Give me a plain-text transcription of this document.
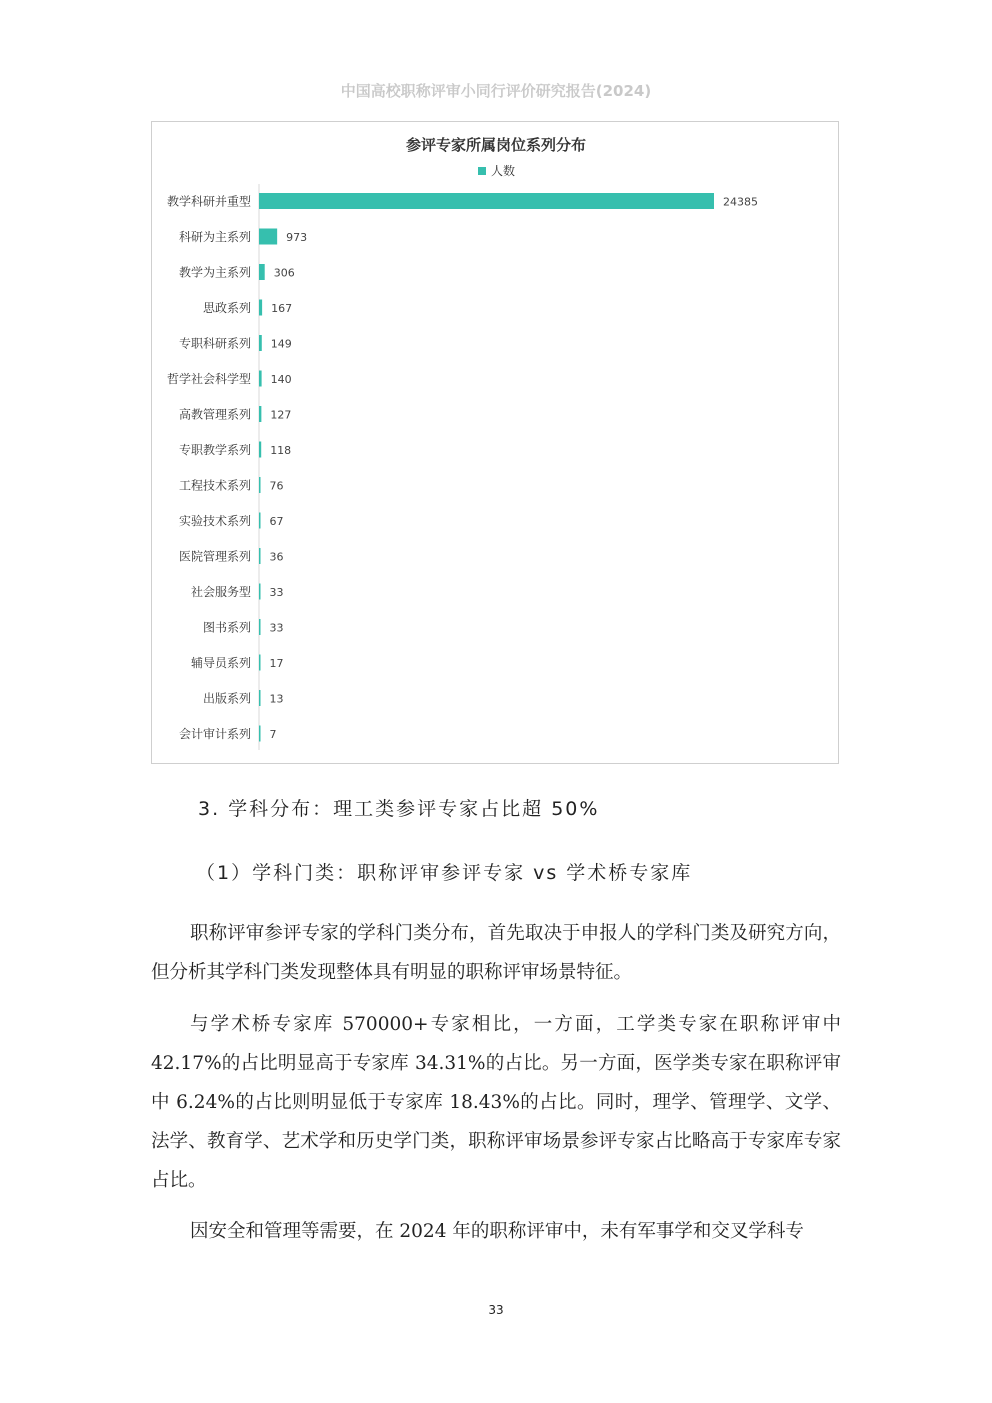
中国高校职称评审小同行评价研究报告(2024)
参评专家所属岗位系列分布
人数
教学科研并重型	24385
科研为主系列	973
教学为主系列 306
思政系列 167
专职科研系列 149
哲学社会科学型 140
高教管理系列 127
专职教学系列 118
工程技术系列 76
实验技术系列 67
医院管理系列 36
社会服务型 33
图书系列 33
辅导员系列 17
出版系列 13
会计审计系列 7
3. 学科分布：理工类参评专家占比超 50%
（1）学科门类：职称评审参评专家 vs 学术桥专家库

职称评审参评专家的学科门类分布，首先取决于申报人的学科门类及研究方向，但分析其学科门类发现整体具有明显的职称评审场景特征。

与学术桥专家库 570000+专家相比，一方面，工学类专家在职称评审中 42.17%的占比明显高于专家库 34.31%的占比。另一方面，医学类专家在职称评审中 6.24%的占比则明显低于专家库 18.43%的占比。同时，理学、管理学、文学、法学、教育学、艺术学和历史学门类，职称评审场景参评专家占比略高于专家库专家占比。

因安全和管理等需要，在 2024 年的职称评审中，未有军事学和交叉学科专

33
